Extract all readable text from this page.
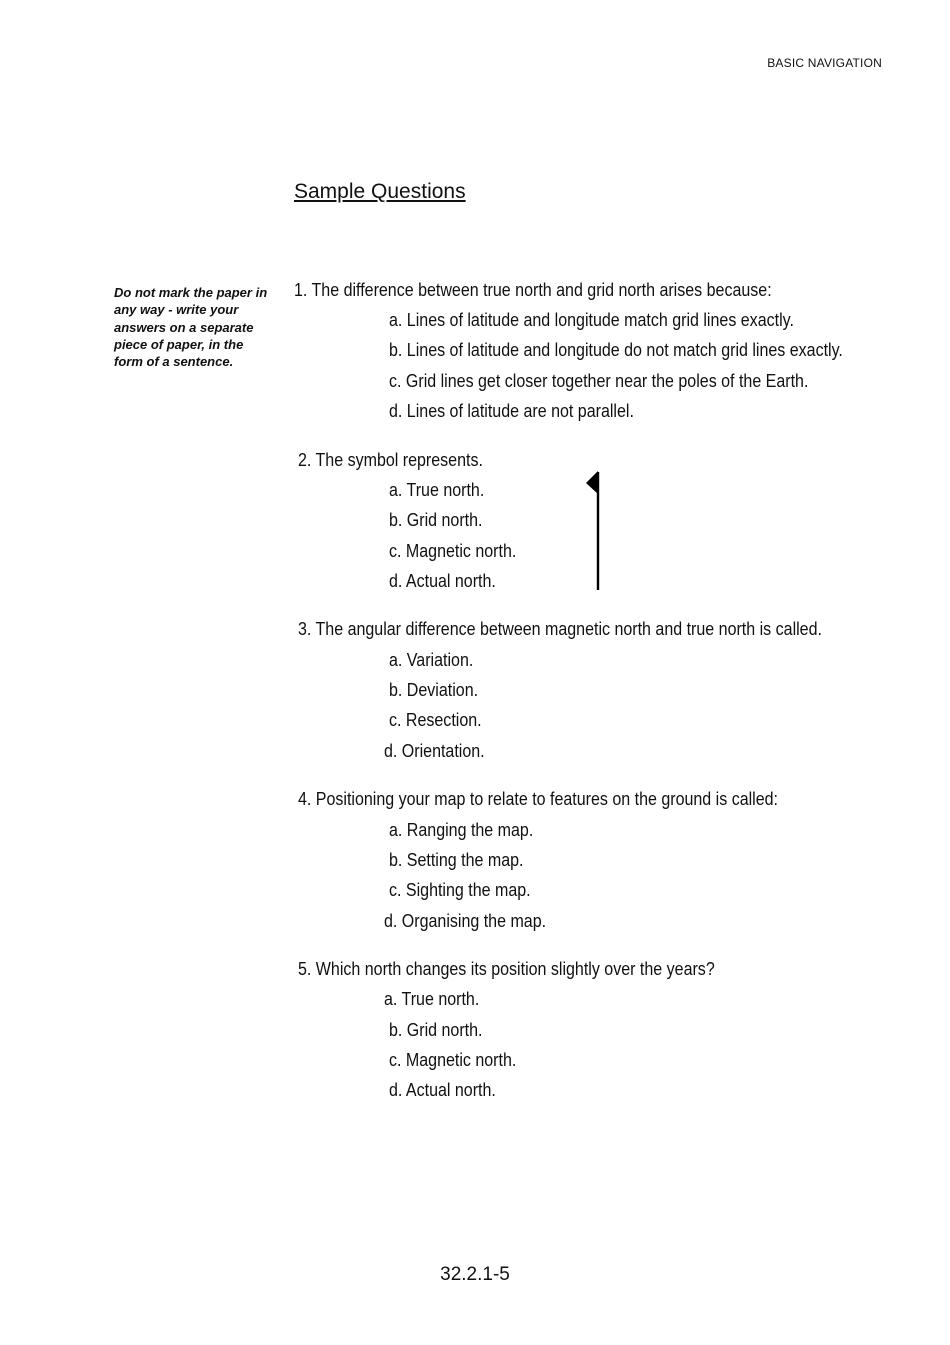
BASIC NAVIGATION
Sample Questions
Do not mark the paper in any way - write your answers on a separate piece of paper, in the form of a sentence.
1. The difference between true north and grid north arises because:
a. Lines of latitude and longitude match grid lines exactly.
b. Lines of latitude and longitude do not match grid lines exactly.
c. Grid lines get closer together near the poles of the Earth.
d. Lines of latitude are not parallel.
2. The symbol represents.
a. True north.
b. Grid north.
c. Magnetic north.
d. Actual north.
3. The angular difference between magnetic north and true north is called.
a. Variation.
b. Deviation.
c. Resection.
d. Orientation.
4. Positioning your map to relate to features on the ground is called:
a. Ranging the map.
b. Setting the map.
c. Sighting the map.
d. Organising the map.
5. Which north changes its position slightly over the years?
a. True north.
b. Grid north.
c. Magnetic north.
d. Actual north.
32.2.1-5
